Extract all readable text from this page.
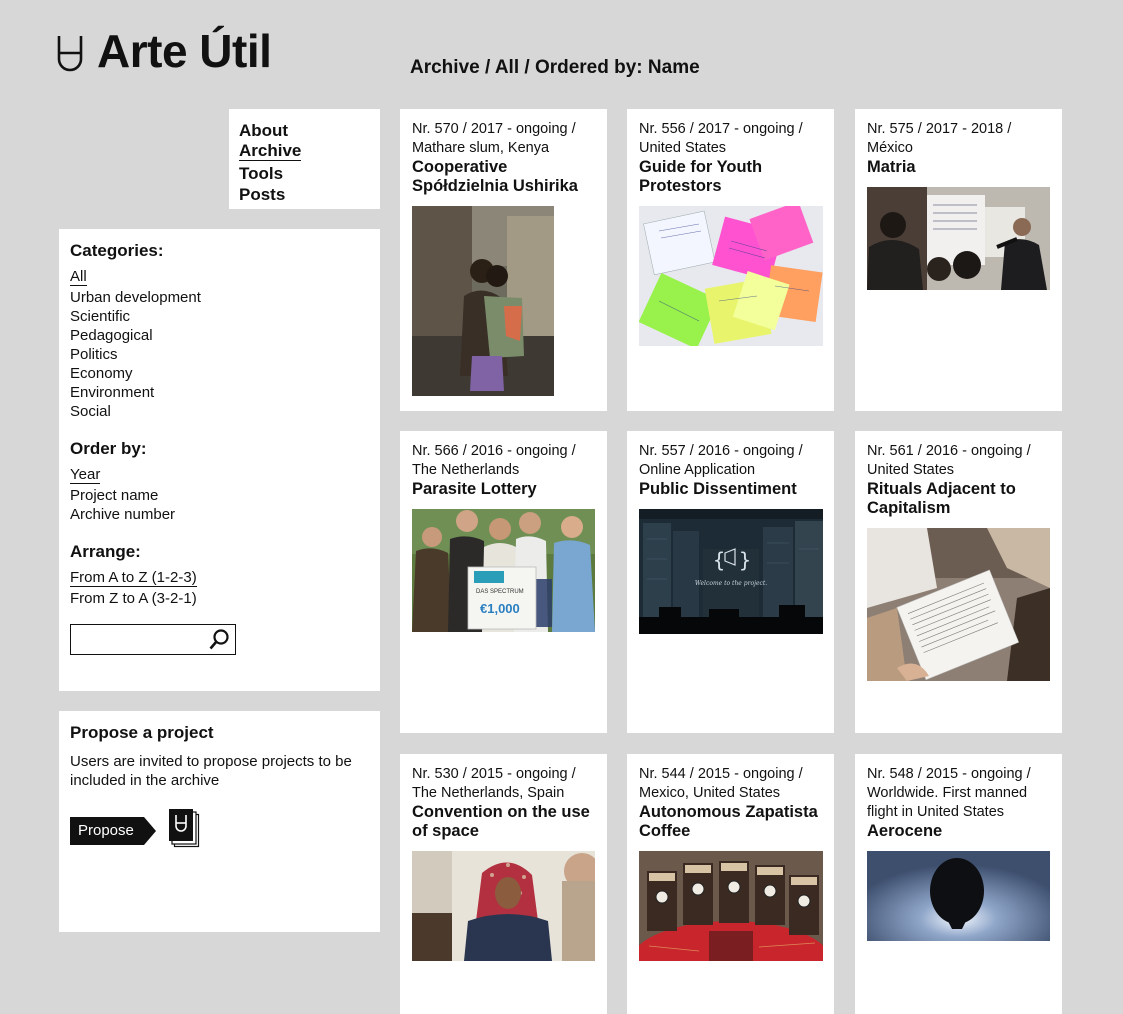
Arte Útil	Archive / All / Ordered by: Name
About
Archive
Tools
Posts
Categories:
All
Urban development
Scientific
Pedagogical
Politics
Economy
Environment
Social
Order by:
Year
Project name
Archive number
Arrange:
From A to Z (1-2-3)
From Z to A (3-2-1)
Propose a project

Users are invited to propose projects to be included in the archive

Propose
Nr. 570 / 2017 - ongoing / Mathare slum, Kenya
Cooperative Spółdzielnia Ushirika
Nr. 556 / 2017 - ongoing / United States
Guide for Youth Protestors
Nr. 575 / 2017 - 2018 / México
Matria
Nr. 566 / 2016 - ongoing / The Netherlands
Parasite Lottery
DAS SPECTRUM
€1,000
Nr. 557 / 2016 - ongoing / Online Application
Public Dissentiment
{ }
Welcome to the project.
Nr. 561 / 2016 - ongoing / United States
Rituals Adjacent to Capitalism
Nr. 530 / 2015 - ongoing / The Netherlands, Spain
Convention on the use of space
Nr. 544 / 2015 - ongoing / Mexico, United States
Autonomous Zapatista Coffee
Nr. 548 / 2015 - ongoing / Worldwide. First manned flight in United States
Aerocene
